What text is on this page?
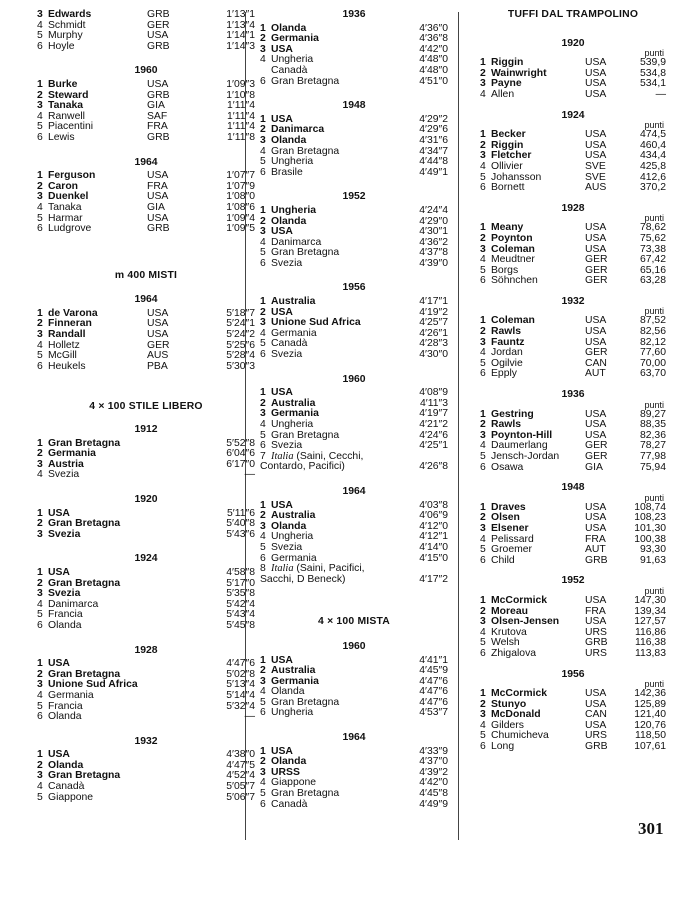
3 Edwards	GRB	1′13″1
4 Schmidt	GER	1′13″4
5 Murphy	USA	1′14″1
6 Hoyle	GRB	1′14″3
1960
1 Burke	USA	1′09″3
2 Steward	GRB	1′10″8
3 Tanaka	GIA	1′11″4
4 Ranwell	SAF	1′11″4
5 Piacentini	FRA	1′11″4
6 Lewis	GRB	1′11″8
1964
1 Ferguson	USA	1′07″7
2 Caron	FRA	1′07″9
3 Duenkel	USA	1′08″0
4 Tanaka	GIA	1′08″6
5 Harmar	USA	1′09″4
6 Ludgrove	GRB	1′09″5
m 400 MISTI
1964
1 de Varona	USA	5′18″7
2 Finneran	USA	5′24″1
3 Randall	USA	5′24″2
4 Holletz	GER	5′25″6
5 McGill	AUS	5′28″4
6 Heukels	PBA	5′30″3
4 × 100 STILE LIBERO
1912
1 Gran Bretagna	5′52″8
2 Germania	6′04″6
3 Austria	6′17″0
4 Svezia	—
1920
1 USA	5′11″6
2 Gran Bretagna	5′40″8
3 Svezia	5′43″6
1924
1 USA	4′58″8
2 Gran Bretagna	5′17″0
3 Svezia	5′35″8
4 Danimarca	5′42″4
5 Francia	5′43″4
6 Olanda	5′45″8
1928
1 USA	4′47″6
2 Gran Bretagna	5′02″8
3 Unione Sud Africa	5′13″4
4 Germania	5′14″4
5 Francia	5′32″4
6 Olanda	—
1932
1 USA	4′38″0
2 Olanda	4′47″5
3 Gran Bretagna	4′52″4
4 Canadà	5′05″7
5 Giappone	5′06″7
1936
1 Olanda	4′36″0
2 Germania	4′36″8
3 USA	4′42″0
4 Ungheria	4′48″0
Canadà	4′48″0
6 Gran Bretagna	4′51″0
1948
1 USA	4′29″2
2 Danimarca	4′29″6
3 Olanda	4′31″6
4 Gran Bretagna	4′34″7
5 Ungheria	4′44″8
6 Brasile	4′49″1
1952
1 Ungheria	4′24″4
2 Olanda	4′29″0
3 USA	4′30″1
4 Danimarca	4′36″2
5 Gran Bretagna	4′37″8
6 Svezia	4′39″0
1956
1 Australia	4′17″1
2 USA	4′19″2
3 Unione Sud Africa	4′25″7
4 Germania	4′26″1
5 Canadà	4′28″3
6 Svezia	4′30″0
1960
1 USA	4′08″9
2 Australia	4′11″3
3 Germania	4′19″7
4 Ungheria	4′21″2
5 Gran Bretagna	4′24″6
6 Svezia	4′25″1
7 Italia (Saini, Cecchi,
Contardo, Pacifici)	4′26″8
1964
1 USA	4′03″8
2 Australia	4′06″9
3 Olanda	4′12″0
4 Ungheria	4′12″1
5 Svezia	4′14″0
6 Germania	4′15″0
8 Italia (Saini, Pacifici,
Sacchi, D Beneck)	4′17″2
4 × 100 MISTA
1960
1 USA	4′41″1
2 Australia	4′45″9
3 Germania	4′47″6
4 Olanda	4′47″6
5 Gran Bretagna	4′47″6
6 Ungheria	4′53″7
1964
1 USA	4′33″9
2 Olanda	4′37″0
3 URSS	4′39″2
4 Giappone	4′42″0
5 Gran Bretagna	4′45″8
6 Canadà	4′49″9
TUFFI DAL TRAMPOLINO
1920
punti
1 Riggin	USA	539,9
2 Wainwright	USA	534,8
3 Payne	USA	534,1
4 Allen	USA	—
1924
punti
1 Becker	USA	474,5
2 Riggin	USA	460,4
3 Fletcher	USA	434,4
4 Ollivier	SVE	425,8
5 Johansson	SVE	412,6
6 Bornett	AUS	370,2
1928
punti
1 Meany	USA	78,62
2 Poynton	USA	75,62
3 Coleman	USA	73,38
4 Meudtner	GER	67,42
5 Borgs	GER	65,16
6 Söhnchen	GER	63,28
1932
punti
1 Coleman	USA	87,52
2 Rawls	USA	82,56
3 Fauntz	USA	82,12
4 Jordan	GER	77,60
5 Ogilvie	CAN	70,00
6 Epply	AUT	63,70
1936
punti
1 Gestring	USA	89,27
2 Rawls	USA	88,35
3 Poynton-Hill	USA	82,36
4 Daumerlang	GER	78,27
5 Jensch-Jordan GER	77,98
6 Osawa	GIA	75,94
1948
punti
1 Draves	USA	108,74
2 Olsen	USA	108,23
3 Elsener	USA	101,30
4 Pelissard	FRA	100,38
5 Groemer	AUT	93,30
6 Child	GRB	91,63
1952
punti
1 McCormick	USA	147,30
2 Moreau	FRA	139,34
3 Olsen-Jensen USA	127,57
4 Krutova	URS	116,86
5 Welsh	GRB	116,38
6 Zhigalova	URS	113,83
1956
punti
1 McCormick	USA	142,36
2 Stunyo	USA	125,89
3 McDonald	CAN	121,40
4 Gilders	USA	120,76
5 Chumicheva	URS	118,50
6 Long	GRB	107,61
301
